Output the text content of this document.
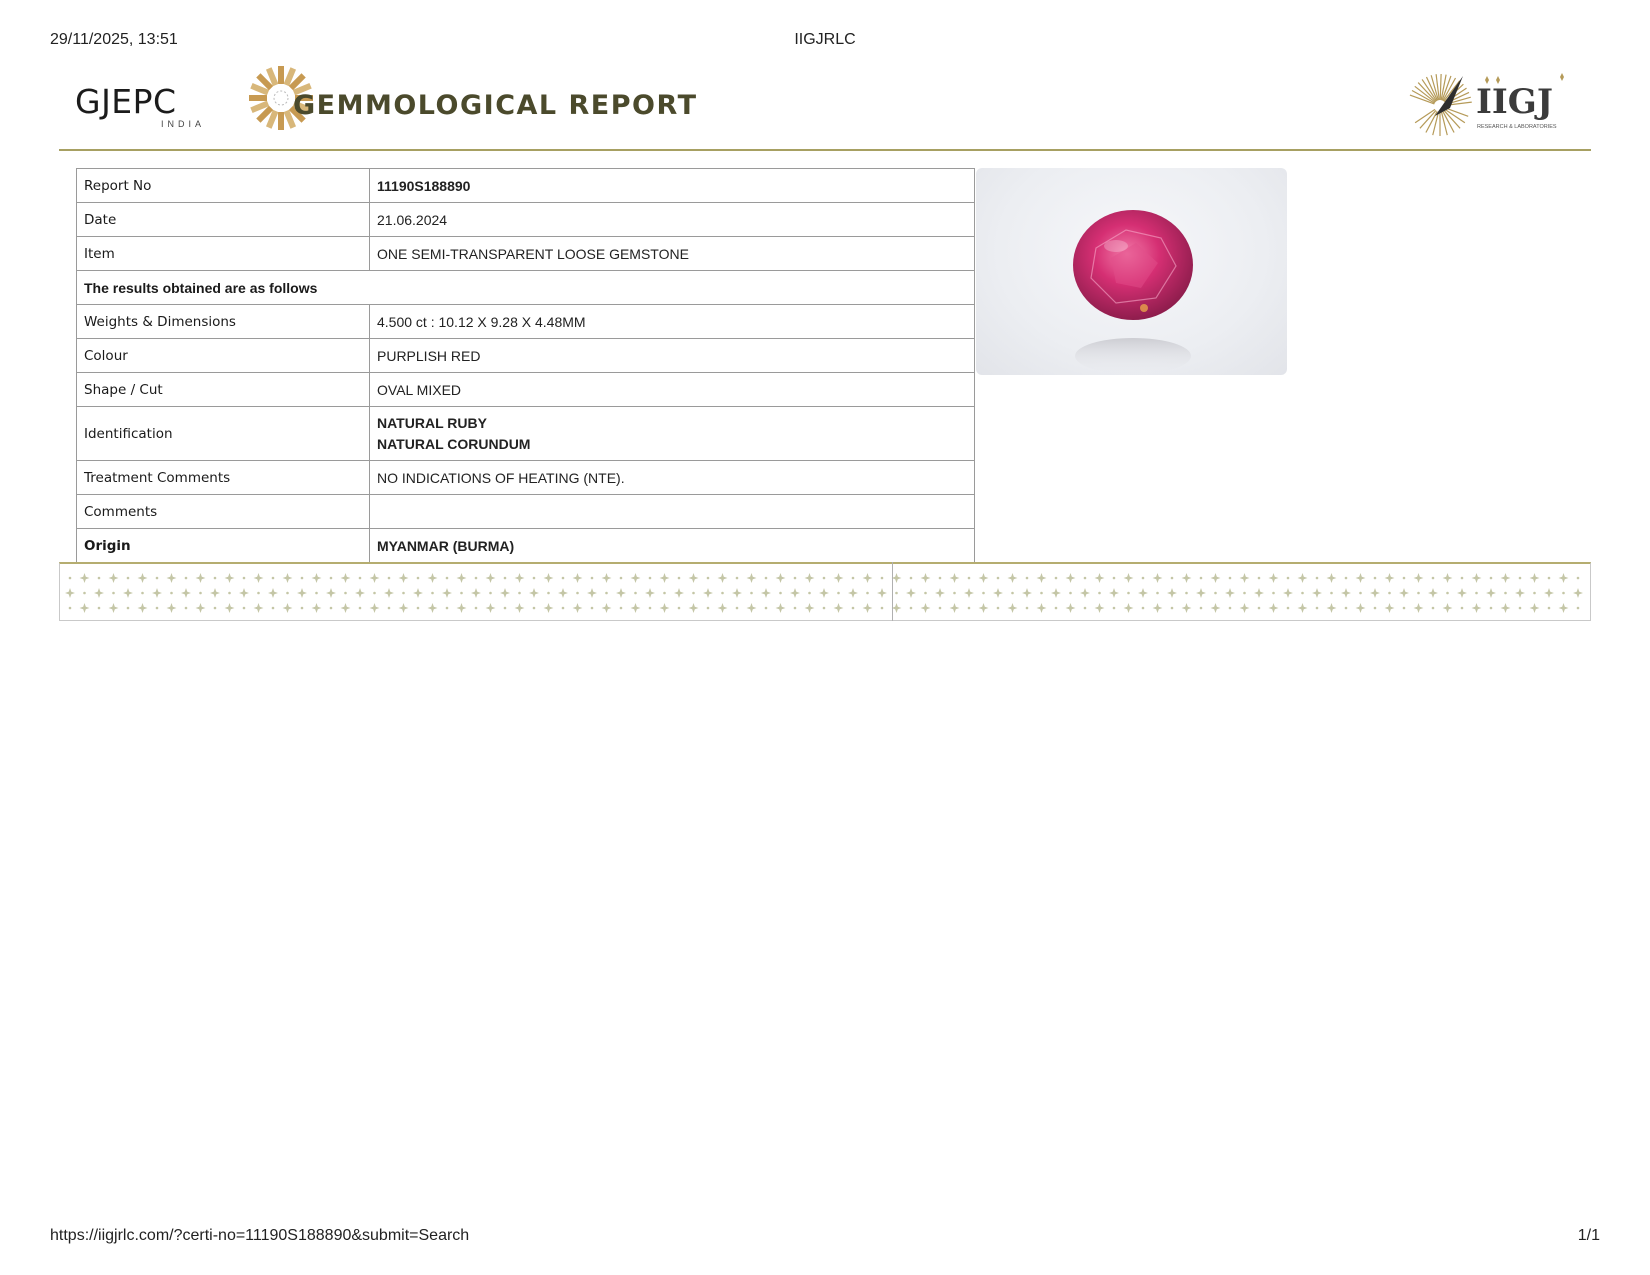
29/11/2025, 13:51	IIGJRLC
GJEPC
INDIA
GEMMOLOGICAL REPORT	IIGJ
RESEARCH & LABORATORIES
Report No	11190S188890
Date	21.06.2024
Item	ONE SEMI-TRANSPARENT LOOSE GEMSTONE
The results obtained are as follows	
Weights & Dimensions	4.500 ct : 10.12 X 9.28 X 4.48MM
Colour	PURPLISH RED
Shape / Cut	OVAL MIXED
Identification	NATURAL RUBY
NATURAL CORUNDUM

Treatment Comments	NO INDICATIONS OF HEATING (NTE).
Comments	
Origin	MYANMAR (BURMA)
https://iigjrlc.com/?certi-no=11190S188890&submit=Search	1/1
